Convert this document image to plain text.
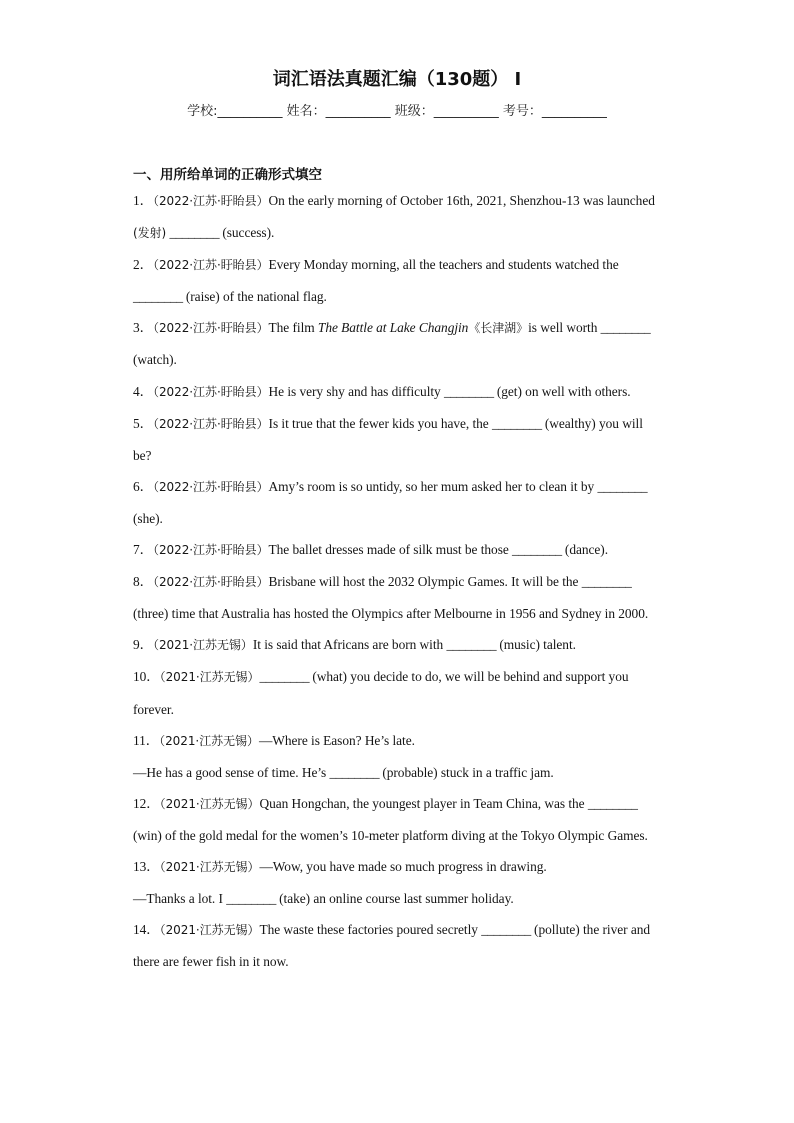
词汇语法真题汇编（130题） I
学校:__________ 姓名：__________ 班级：__________ 考号：__________
一、用所给单词的正确形式填空

1．（2022·江苏·盱眙县）On the early morning of October 16th, 2021, Shenzhou-13 was launched (发射) ________ (success).

2．（2022·江苏·盱眙县）Every Monday morning, all the teachers and students watched the ________ (raise) of the national flag.

3．（2022·江苏·盱眙县）The film The Battle at Lake Changjin《长津湖》is well worth ________ (watch).

4．（2022·江苏·盱眙县）He is very shy and has difficulty ________ (get) on well with others.

5．（2022·江苏·盱眙县）Is it true that the fewer kids you have, the ________ (wealthy) you will be?

6．（2022·江苏·盱眙县）Amy’s room is so untidy, so her mum asked her to clean it by ________ (she).

7．（2022·江苏·盱眙县）The ballet dresses made of silk must be those ________ (dance).

8．（2022·江苏·盱眙县）Brisbane will host the 2032 Olympic Games. It will be the ________ (three) time that Australia has hosted the Olympics after Melbourne in 1956 and Sydney in 2000.

9．（2021·江苏无锡）It is said that Africans are born with ________ (music) talent.

10．（2021·江苏无锡）________ (what) you decide to do, we will be behind and support you forever.

11．（2021·江苏无锡）—Where is Eason? He’s late.
—He has a good sense of time. He’s ________ (probable) stuck in a traffic jam.

12．（2021·江苏无锡）Quan Hongchan, the youngest player in Team China, was the ________ (win) of the gold medal for the women’s 10-meter platform diving at the Tokyo Olympic Games.

13．（2021·江苏无锡）—Wow, you have made so much progress in drawing.
—Thanks a lot. I ________ (take) an online course last summer holiday.

14．（2021·江苏无锡）The waste these factories poured secretly ________ (pollute) the river and there are fewer fish in it now.
